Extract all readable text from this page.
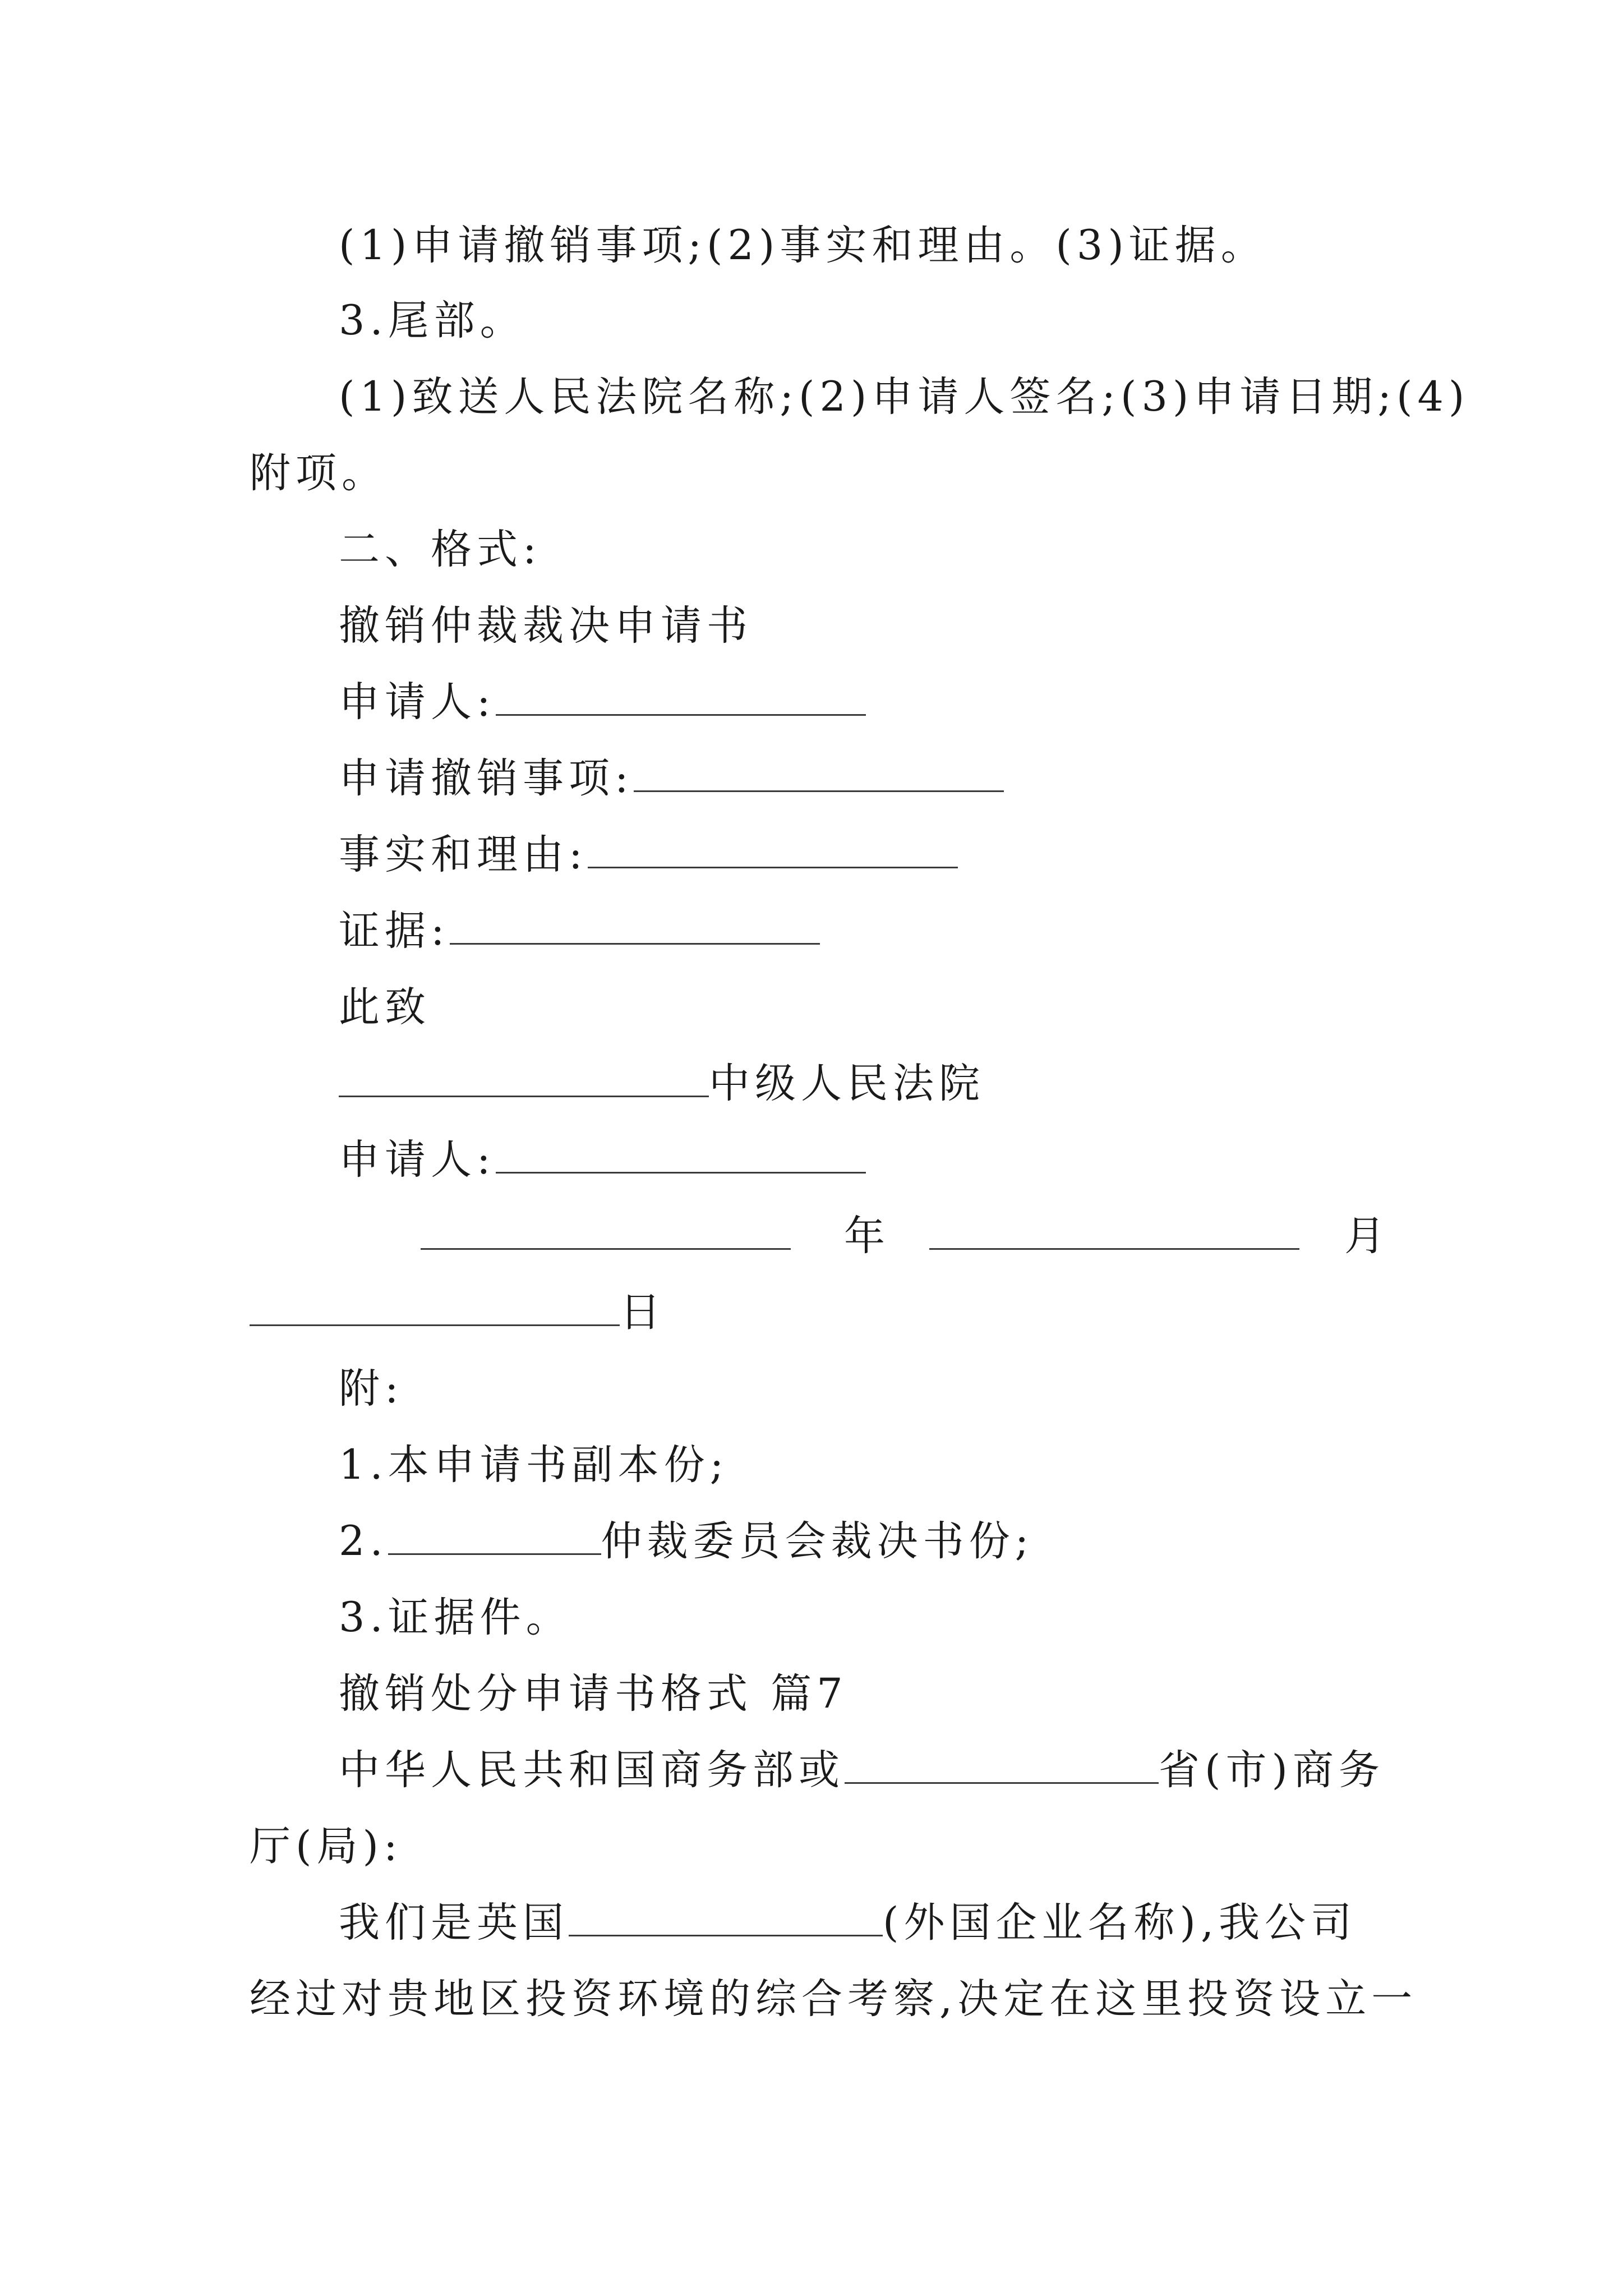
(1)申请撤销事项;(2)事实和理由。(3)证据。
3.尾部。
(1)致送人民法院名称;(2)申请人签名;(3)申请日期;(4)
附项。
二、格式:
撤销仲裁裁决申请书
申请人:
申请撤销事项:
事实和理由:
证据:
此致
中级人民法院
申请人:
年	月
日
附:
1.本申请书副本份;
2.	仲裁委员会裁决书份;
3.证据件。
撤销处分申请书格式 篇7
中华人民共和国商务部或	省(市)商务
厅(局):
我们是英国	(外国企业名称),我公司
经过对贵地区投资环境的综合考察,决定在这里投资设立一
